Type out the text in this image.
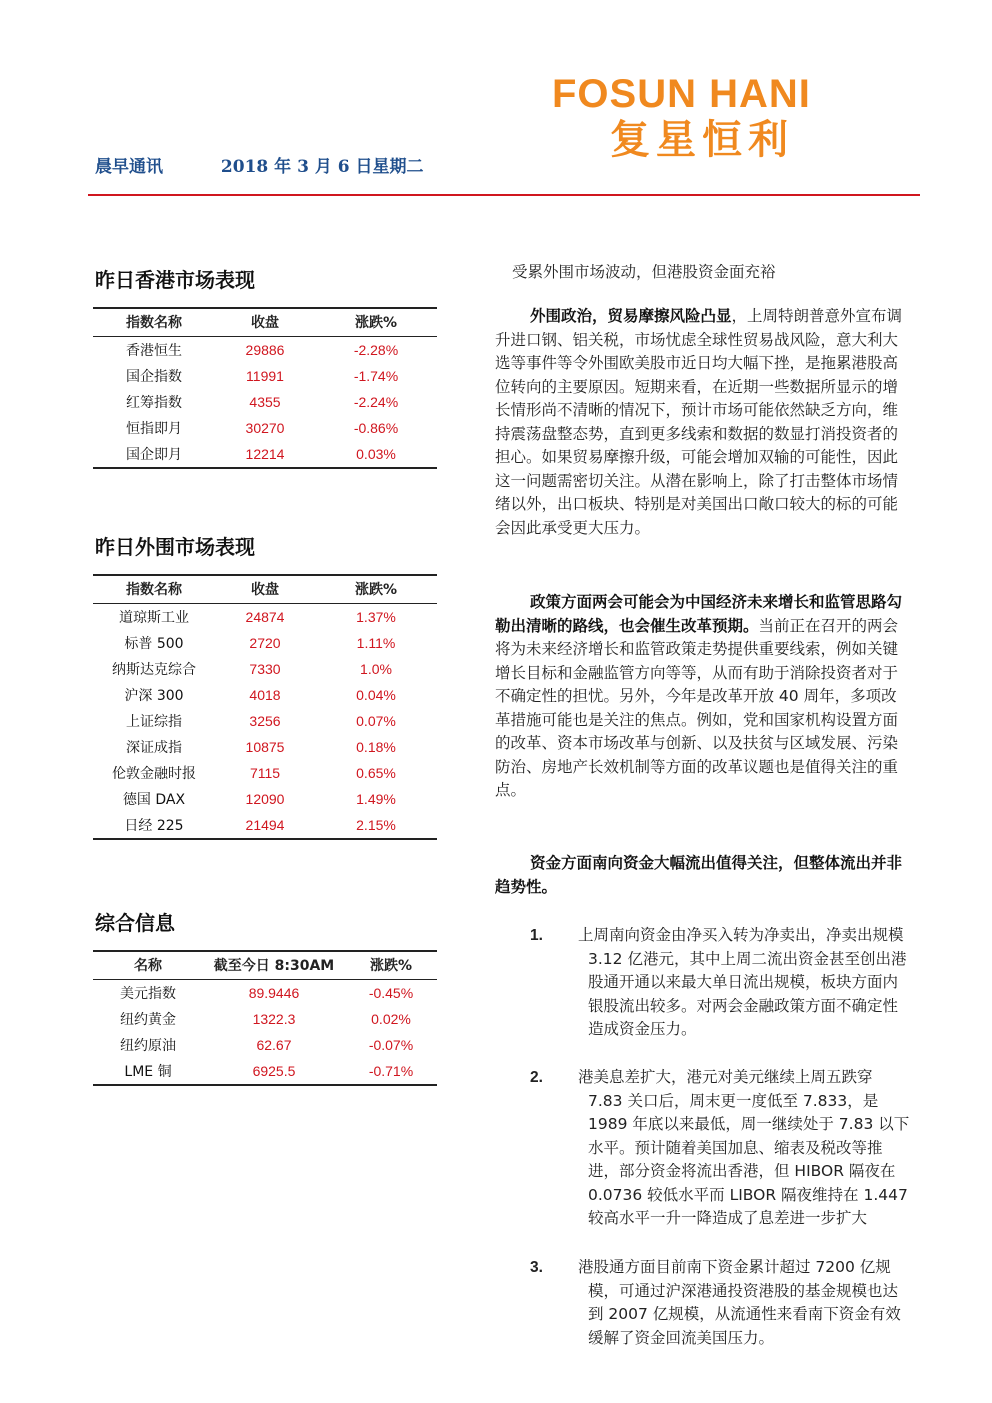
FOSUN HANI
复星恒利
晨早通讯	2018 年 3 月 6 日星期二
昨日香港市场表现
指数名称	收盘	涨跌%
香港恒生	29886	-2.28%
国企指数	11991	-1.74%
红筹指数	4355	-2.24%
恒指即月	30270	-0.86%
国企即月	12214	0.03%
昨日外围市场表现
指数名称	收盘	涨跌%
道琼斯工业	24874	1.37%
标普 500	2720	1.11%
纳斯达克综合	7330	1.0%
沪深 300	4018	0.04%
上证综指	3256	0.07%
深证成指	10875	0.18%
伦敦金融时报	7115	0.65%
德国 DAX	12090	1.49%
日经 225	21494	2.15%
综合信息
名称	截至今日 8:30AM	涨跌%
美元指数	89.9446	-0.45%
纽约黄金	1322.3	0.02%
纽约原油	62.67	-0.07%
LME 铜	6925.5	-0.71%
受累外围市场波动，但港股资金面充裕

外围政治，贸易摩擦风险凸显，上周特朗普意外宣布调升进口钢、铝关税，市场忧虑全球性贸易战风险，意大利大选等事件等令外围欧美股市近日均大幅下挫，是拖累港股高位转向的主要原因。短期来看，在近期一些数据所显示的增长情形尚不清晰的情况下，预计市场可能依然缺乏方向，维持震荡盘整态势，直到更多线索和数据的数显打消投资者的担心。如果贸易摩擦升级，可能会增加双输的可能性，因此这一问题需密切关注。从潜在影响上，除了打击整体市场情绪以外，出口板块、特别是对美国出口敞口较大的标的可能会因此承受更大压力。

政策方面两会可能会为中国经济未来增长和监管思路勾勒出清晰的路线，也会催生改革预期。当前正在召开的两会将为未来经济增长和监管政策走势提供重要线索，例如关键增长目标和金融监管方向等等，从而有助于消除投资者对于不确定性的担忧。另外，今年是改革开放 40 周年，多项改革措施可能也是关注的焦点。例如，党和国家机构设置方面的改革、资本市场改革与创新、以及扶贫与区域发展、污染防治、房地产长效机制等方面的改革议题也是值得关注的重点。

资金方面南向资金大幅流出值得关注，但整体流出并非趋势性。

1. 上周南向资金由净买入转为净卖出，净卖出规模 3.12 亿港元，其中上周二流出资金甚至创出港股通开通以来最大单日流出规模，板块方面内银股流出较多。对两会金融政策方面不确定性造成资金压力。
2. 港美息差扩大，港元对美元继续上周五跌穿 7.83 关口后，周末更一度低至 7.833，是 1989 年底以来最低，周一继续处于 7.83 以下水平。预计随着美国加息、缩表及税改等推进，部分资金将流出香港，但 HIBOR 隔夜在 0.0736 较低水平而 LIBOR 隔夜维持在 1.447 较高水平一升一降造成了息差进一步扩大
3. 港股通方面目前南下资金累计超过 7200 亿规模，可通过沪深港通投资港股的基金规模也达到 2007 亿规模，从流通性来看南下资金有效缓解了资金回流美国压力。
